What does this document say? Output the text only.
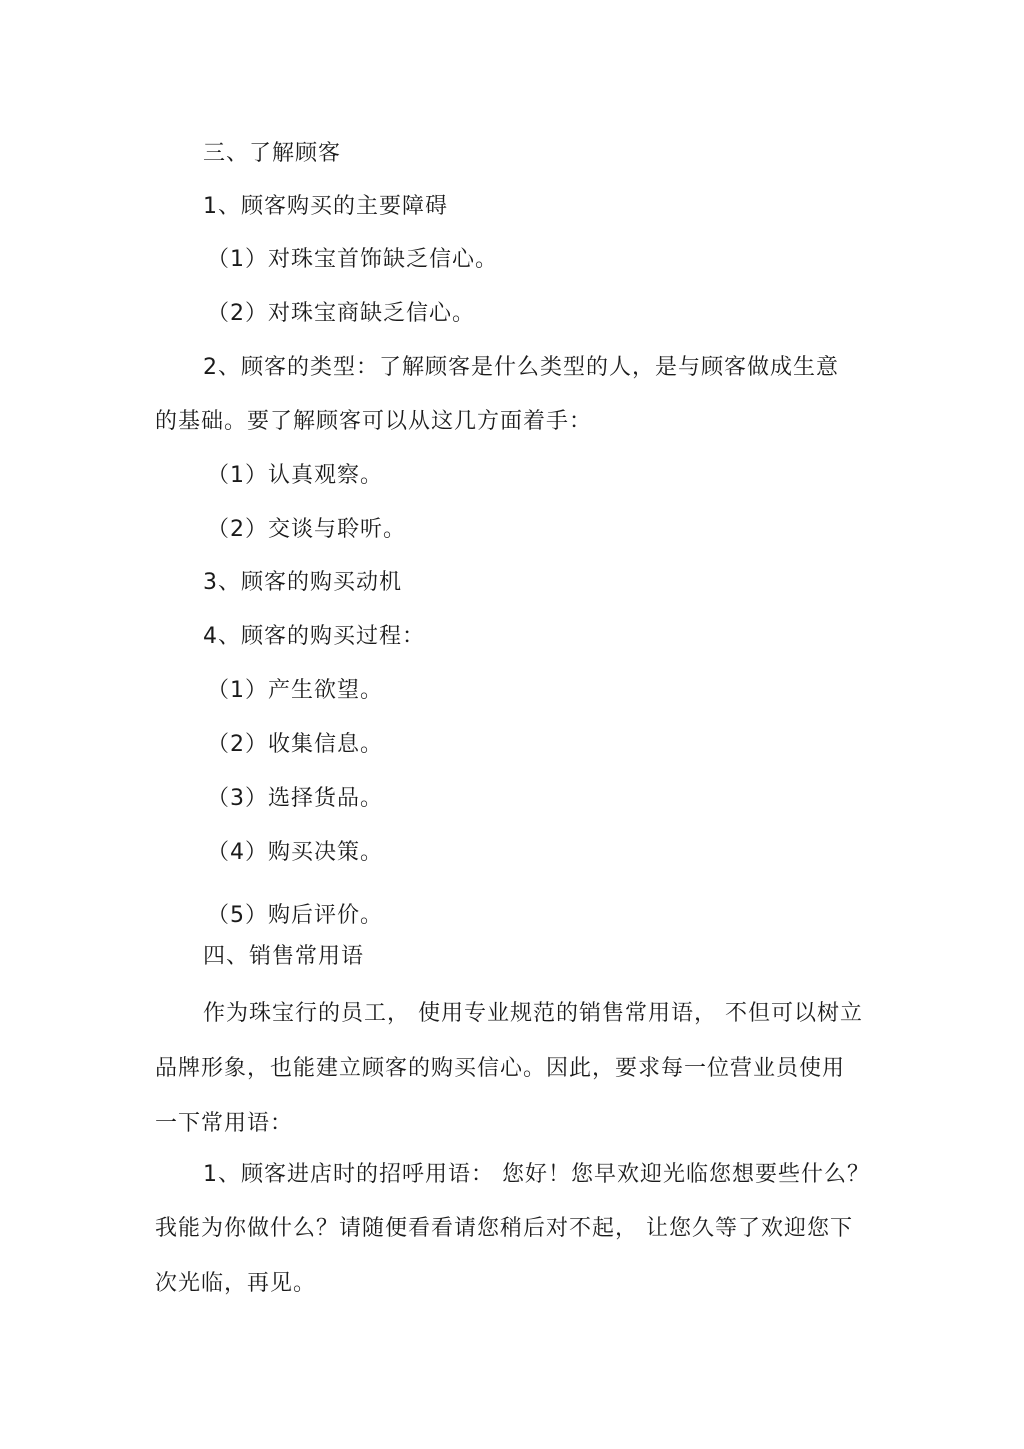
三、了解顾客
1、顾客购买的主要障碍
（1）对珠宝首饰缺乏信心。
（2）对珠宝商缺乏信心。
2、顾客的类型：了解顾客是什么类型的人，是与顾客做成生意
的基础。要了解顾客可以从这几方面着手：
（1）认真观察。
（2）交谈与聆听。
3、顾客的购买动机
4、顾客的购买过程：
（1）产生欲望。
（2）收集信息。
（3）选择货品。
（4）购买决策。
（5）购后评价。
四、销售常用语
作为珠宝行的员工， 使用专业规范的销售常用语， 不但可以树立
品牌形象，也能建立顾客的购买信心。因此，要求每一位营业员使用
一下常用语：
1、顾客进店时的招呼用语： 您好！您早欢迎光临您想要些什么？
我能为你做什么？请随便看看请您稍后对不起， 让您久等了欢迎您下
次光临，再见。
